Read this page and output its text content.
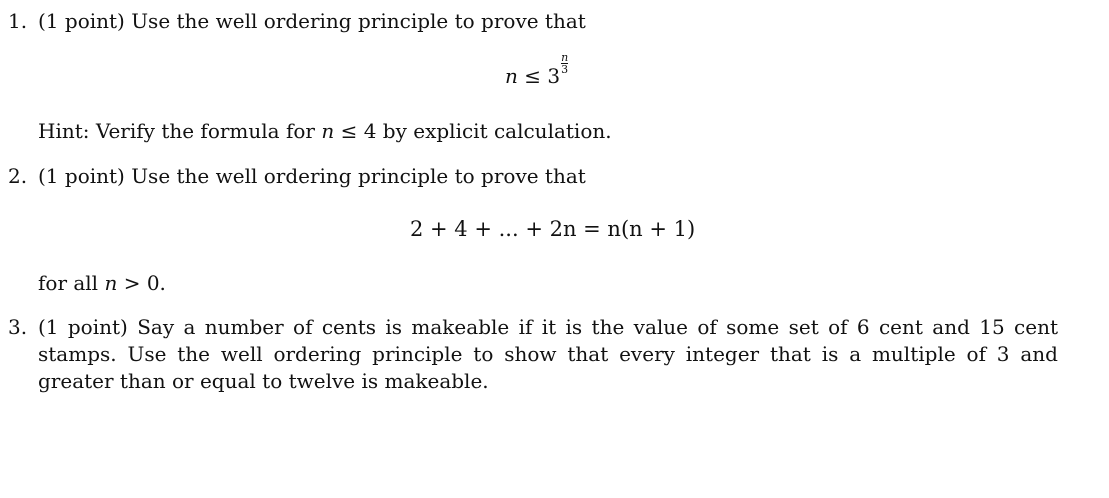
1. (1 point) Use the well ordering principle to prove that
$n \le 3\frac{n}{3}$
Hint: Verify the formula for n ≤ 4 by explicit calculation.
2. (1 point) Use the well ordering principle to prove that
2 + 4 + ... + 2n = n(n + 1)
for all n > 0.
3. (1 point) Say a number of cents is makeable if it is the value of some set of 6 cent and 15 cent stamps. Use the well ordering principle to show that every integer that is a multiple of 3 and greater than or equal to twelve is makeable.
